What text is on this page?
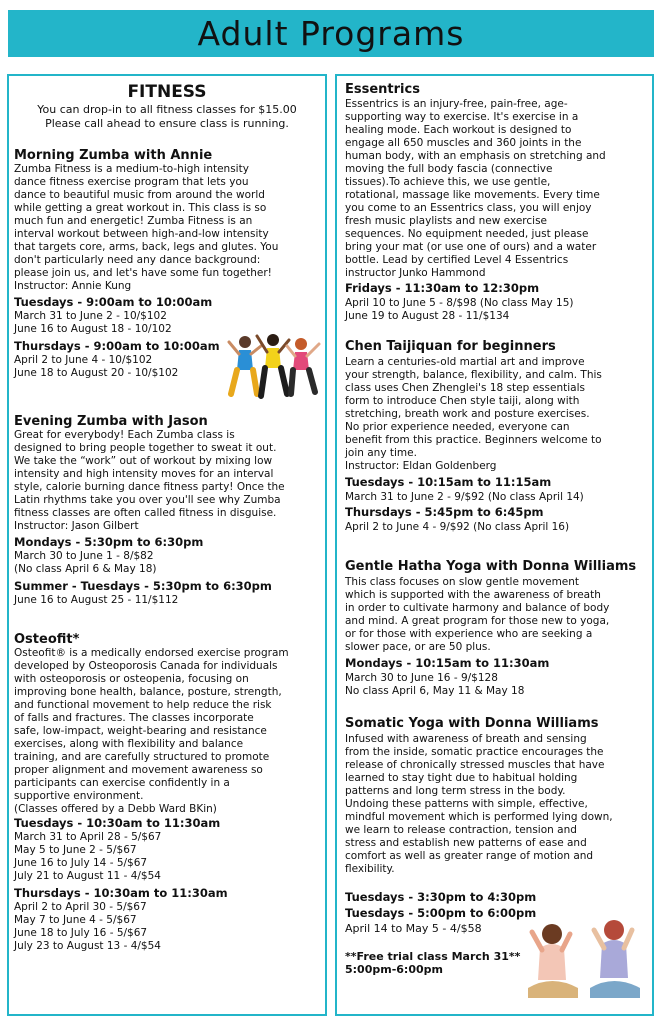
Adult Programs
FITNESS
You can drop-in to all fitness classes for $15.00
Please call ahead to ensure class is running.
Morning Zumba with Annie
Zumba Fitness is a medium-to-high intensity
dance fitness exercise program that lets you
dance to beautiful music from around the world
while getting a great workout in. This class is so
much fun and energetic! Zumba Fitness is an
interval workout between high-and-low intensity
that targets core, arms, back, legs and glutes. You
don't particularly need any dance background:
please join us, and let's have some fun together!
Instructor: Annie Kung
Tuesdays - 9:00am to 10:00am
March 31 to June 2 - 10/$102
June 16 to August 18 - 10/102
Thursdays - 9:00am to 10:00am
April 2 to June 4 - 10/$102
June 18 to August 20 - 10/$102
Evening Zumba with Jason
Great for everybody! Each Zumba class is
designed to bring people together to sweat it out.
We take the “work” out of workout by mixing low
intensity and high intensity moves for an interval
style, calorie burning dance fitness party! Once the
Latin rhythms take you over you'll see why Zumba
fitness classes are often called fitness in disguise.
Instructor: Jason Gilbert
Mondays - 5:30pm to 6:30pm
March 30 to June 1 - 8/$82
(No class April 6 & May 18)
Summer - Tuesdays - 5:30pm to 6:30pm
June 16 to August 25 - 11/$112
Osteofit*
Osteofit® is a medically endorsed exercise program
developed by Osteoporosis Canada for individuals
with osteoporosis or osteopenia, focusing on
improving bone health, balance, posture, strength,
and functional movement to help reduce the risk
of falls and fractures. The classes incorporate
safe, low-impact, weight-bearing and resistance
exercises, along with flexibility and balance
training, and are carefully structured to promote
proper alignment and movement awareness so
participants can exercise confidently in a
supportive environment.
(Classes offered by a Debb Ward BKin)
Tuesdays - 10:30am to 11:30am
March 31 to April 28 - 5/$67
May 5 to June 2 - 5/$67
June 16 to July 14 - 5/$67
July 21 to August 11 - 4/$54
Thursdays - 10:30am to 11:30am
April 2 to April 30 - 5/$67
May 7 to June 4 - 5/$67
June 18 to July 16 - 5/$67
July 23 to August 13 - 4/$54
Essentrics
Essentrics is an injury-free, pain-free, age-
supporting way to exercise. It's exercise in a
healing mode. Each workout is designed to
engage all 650 muscles and 360 joints in the
human body, with an emphasis on stretching and
moving the full body fascia (connective
tissues).To achieve this, we use gentle,
rotational, massage like movements. Every time
you come to an Essentrics class, you will enjoy
fresh music playlists and new exercise
sequences. No equipment needed, just please
bring your mat (or use one of ours) and a water
bottle. Lead by certified Level 4 Essentrics
instructor Junko Hammond
Fridays - 11:30am to 12:30pm
April 10 to June 5 - 8/$98 (No class May 15)
June 19 to August 28 - 11/$134
Chen Taijiquan for beginners
Learn a centuries-old martial art and improve
your strength, balance, flexibility, and calm. This
class uses Chen Zhenglei's 18 step essentials
form to introduce Chen style taiji, along with
stretching, breath work and posture exercises.
No prior experience needed, everyone can
benefit from this practice. Beginners welcome to
join any time.
Instructor: Eldan Goldenberg
Tuesdays - 10:15am to 11:15am
March 31 to June 2 - 9/$92 (No class April 14)
Thursdays - 5:45pm to 6:45pm
April 2 to June 4 - 9/$92 (No class April 16)
Gentle Hatha Yoga with Donna Williams
This class focuses on slow gentle movement
which is supported with the awareness of breath
in order to cultivate harmony and balance of body
and mind. A great program for those new to yoga,
or for those with experience who are seeking a
slower pace, or are 50 plus.
Mondays - 10:15am to 11:30am
March 30 to June 16 - 9/$128
No class April 6, May 11 & May 18
Somatic Yoga with Donna Williams
Infused with awareness of breath and sensing
from the inside, somatic practice encourages the
release of chronically stressed muscles that have
learned to stay tight due to habitual holding
patterns and long term stress in the body.
Undoing these patterns with simple, effective,
mindful movement which is performed lying down,
we learn to release contraction, tension and
stress and establish new patterns of ease and
comfort as well as greater range of motion and
flexibility.
Tuesdays - 3:30pm to 4:30pm
Tuesdays - 5:00pm to 6:00pm
April 14 to May 5 - 4/$58
**Free trial class March 31**
5:00pm-6:00pm
